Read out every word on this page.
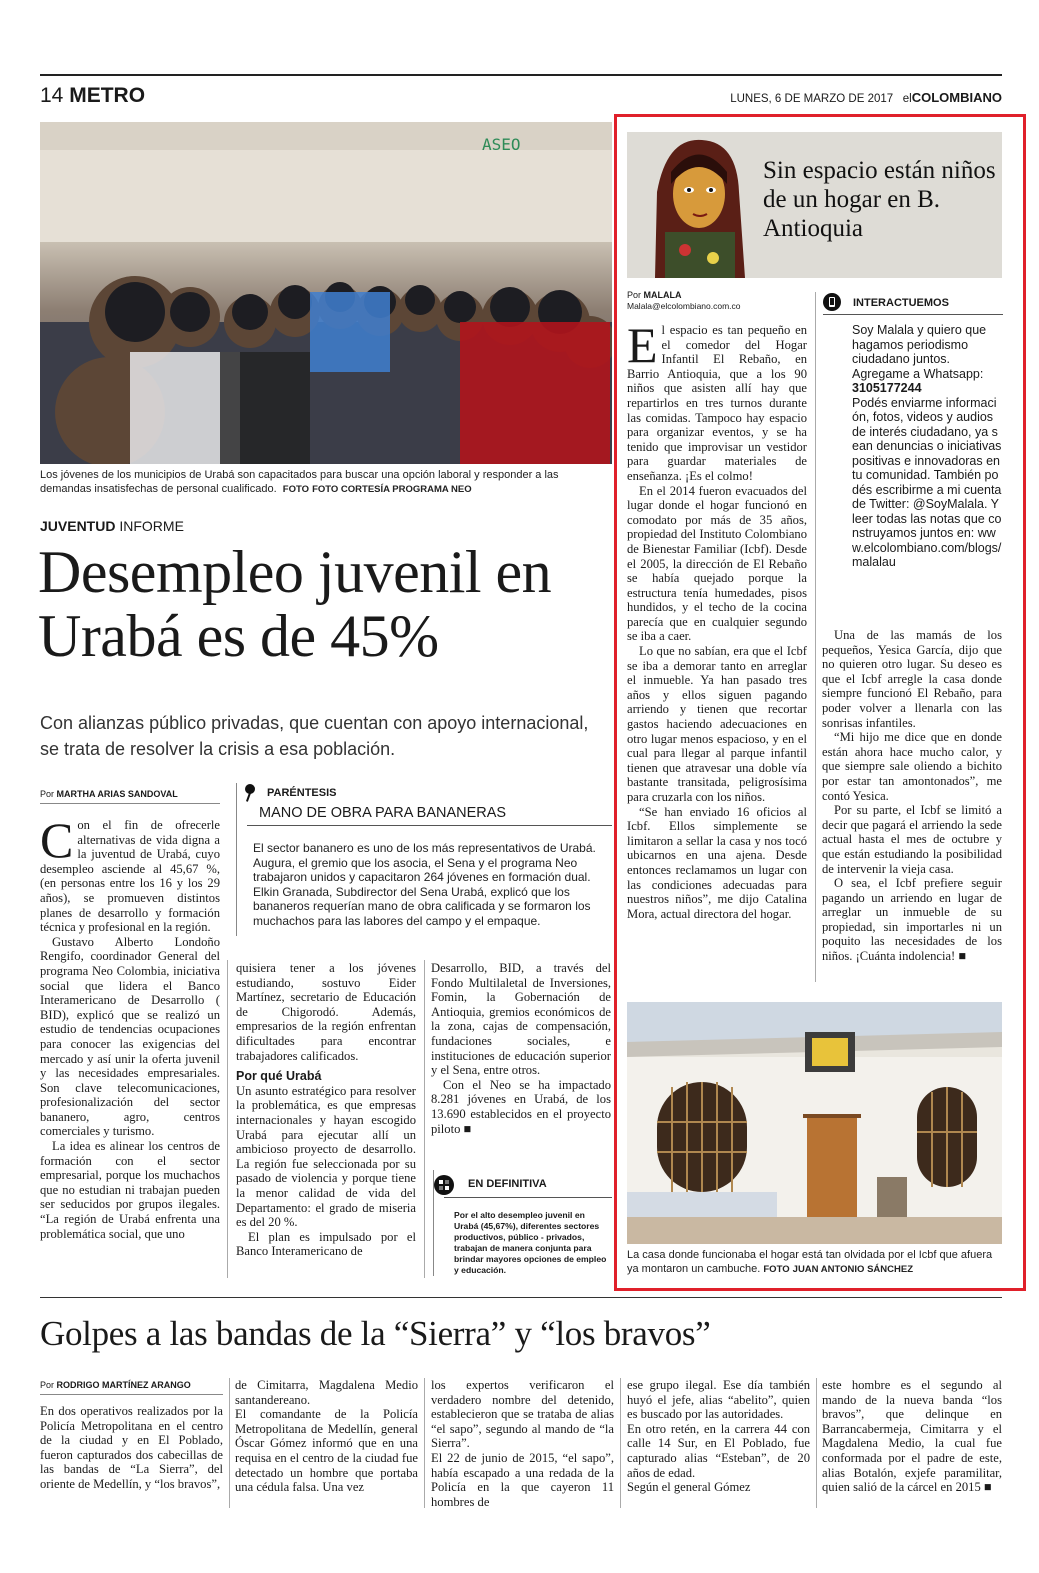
14 METRO	LUNES, 6 DE MARZO DE 2017 elCOLOMBIANO
ASEO
Los jóvenes de los municipios de Urabá son capacitados para buscar una opción laboral y responder a las demandas insatisfechas de personal cualificado. FOTO FOTO CORTESÍA PROGRAMA NEO
JUVENTUD INFORME
Desempleo juvenil en Urabá es de 45%
Con alianzas público privadas, que cuentan con apoyo internacional, se trata de resolver la crisis a esa población.
Por MARTHA ARIAS SANDOVAL	PARÉNTESIS
MANO DE OBRA PARA BANANERAS
El sector bananero es uno de los más representativos de Urabá. Augura, el gremio que los asocia, el Sena y el programa Neo trabajaron unidos y capacitaron 264 jóvenes en formación dual. Elkin Granada, Subdirector del Sena Urabá, explicó que los bananeros requerían mano de obra calificada y se formaron los muchachos para las labores del campo y el empaque.

Con el fin de ofrecerle alternativas de vida digna a la juventud de Urabá, cuyo desempleo asciende al 45,67 %, (en personas entre los 16 y los 29 años), se promueven distintos planes de desarrollo y formación técnica y profesional en la región.

Gustavo Alberto Londoño Rengifo, coordinador General del programa Neo Colombia, iniciativa social que lidera el Banco Interamericano de Desarrollo ( BID), explicó que se realizó un estudio de tendencias ocupaciones para conocer las exigencias del mercado y así unir la oferta juvenil y las necesidades empresariales. Son clave telecomunicaciones, profesionalización del sector bananero, agro, centros comerciales y turismo.

La idea es alinear los centros de formación con el sector empresarial, porque los muchachos que no estudian ni trabajan pueden ser seducidos por grupos ilegales. “La región de Urabá enfrenta una problemática social, que uno

quisiera tener a los jóvenes estudiando, sostuvo Eider Martínez, secretario de Educación de Chigorodó. Además, empresarios de la región enfrentan dificultades para encontrar trabajadores calificados.

Por qué Urabá

Un asunto estratégico para resolver la problemática, es que empresas internacionales y hayan escogido Urabá para ejecutar allí un ambicioso proyecto de desarrollo. La región fue seleccionada por su pasado de violencia y porque tiene la menor calidad de vida del Departamento: el grado de miseria es del 20 %.

El plan es impulsado por el Banco Interamericano de

Desarrollo, BID, a través del Fondo Multilaletal de Inversiones, Fomin, la Gobernación de Antioquia, gremios económicos de la zona, cajas de compensación, fundaciones sociales, e instituciones de educación superior y el Sena, entre otros.

Con el Neo se ha impactado 8.281 jóvenes en Urabá, de los 13.690 establecidos en el proyecto piloto ■

EN DEFINITIVA
Por el alto desempleo juvenil en Urabá (45,67%), diferentes sectores productivos, público - privados, trabajan de manera conjunta para brindar mayores opciones de empleo y educación.
Sin espacio están niños de un hogar en B. Antioquia
Por MALALA
Malala@elcolombiano.com.co

El espacio es tan pequeño en el comedor del Hogar Infantil El Rebaño, en Barrio Antioquia, que a los 90 niños que asisten allí hay que repartirlos en tres turnos durante las comidas. Tampoco hay espacio para organizar eventos, y se ha tenido que improvisar un vestidor para guardar materiales de enseñanza. ¡Es el colmo!

En el 2014 fueron evacuados del lugar donde el hogar funcionó en comodato por más de 35 años, propiedad del Instituto Colombiano de Bienestar Familiar (Icbf). Desde el 2005, la dirección de El Rebaño se había quejado porque la estructura tenía humedades, pisos hundidos, y el techo de la cocina parecía que en cualquier segundo se iba a caer.

Lo que no sabían, era que el Icbf se iba a demorar tanto en arreglar el inmueble. Ya han pasado tres años y ellos siguen pagando arriendo y tienen que recortar gastos haciendo adecuaciones en otro lugar menos espacioso, y en el cual para llegar al parque infantil tienen que atravesar una doble vía bastante transitada, peligrosísima para cruzarla con los niños.

“Se han enviado 16 oficios al Icbf. Ellos simplemente se limitaron a sellar la casa y nos tocó ubicarnos en una ajena. Desde entonces reclamamos un lugar con las condiciones adecuadas para nuestros niños”, me dijo Catalina Mora, actual directora del hogar.

INTERACTUEMOS
Soy Malala y quiero que hagamos periodismo ciudadano juntos.
Agregame a Whatsapp:
3105177244
Podés enviarme información, fotos, videos y audios de interés ciudadano, ya sean denuncias o iniciativas positivas e innovadoras en tu comunidad. También podés escribirme a mi cuenta de Twitter: @SoyMalala. Y leer todas las notas que construyamos juntos en: www.elcolombiano.com/blogs/malalau

Una de las mamás de los pequeños, Yesica García, dijo que no quieren otro lugar. Su deseo es que el Icbf arregle la casa donde siempre funcionó El Rebaño, para poder volver a llenarla con las sonrisas infantiles.

“Mi hijo me dice que en donde están ahora hace mucho calor, y que siempre sale oliendo a bichito por estar tan amontonados”, me contó Yesica.

Por su parte, el Icbf se limitó a decir que pagará el arriendo la sede actual hasta el mes de octubre y que están estudiando la posibilidad de intervenir la vieja casa.

O sea, el Icbf prefiere seguir pagando un arriendo en lugar de arreglar un inmueble de su propiedad, sin importarles ni un poquito las necesidades de los niños. ¡Cuánta indolencia! ■

La casa donde funcionaba el hogar está tan olvidada por el Icbf que afuera ya montaron un cambuche. FOTO JUAN ANTONIO SÁNCHEZ
Golpes a las bandas de la “Sierra” y “los bravos”
Por RODRIGO MARTÍNEZ ARANGO
En dos operativos realizados por la Policía Metropolitana en el centro de la ciudad y en El Poblado, fueron capturados dos cabecillas de las bandas de “La Sierra”, del oriente de Medellín, y “los bravos”,
de Cimitarra, Magdalena Medio santandereano.
El comandante de la Policía Metropolitana de Medellín, general Óscar Gómez informó que en una requisa en el centro de la ciudad fue detectado un hombre que portaba una cédula falsa. Una vez
los expertos verificaron el verdadero nombre del detenido, establecieron que se trataba de alias “el sapo”, segundo al mando de “la Sierra”.
El 22 de junio de 2015, “el sapo”, había escapado a una redada de la Policía en la que cayeron 11 hombres de
ese grupo ilegal. Ese día también huyó el jefe, alias “abelito”, quien es buscado por las autoridades.
En otro retén, en la carrera 44 con calle 14 Sur, en El Poblado, fue capturado alias “Esteban”, de 20 años de edad.
Según el general Gómez
este hombre es el segundo al mando de la nueva banda “los bravos”, que delinque en Barrancabermeja, Cimitarra y el Magdalena Medio, la cual fue conformada por el padre de este, alias Botalón, exjefe paramilitar, quien salió de la cárcel en 2015 ■
